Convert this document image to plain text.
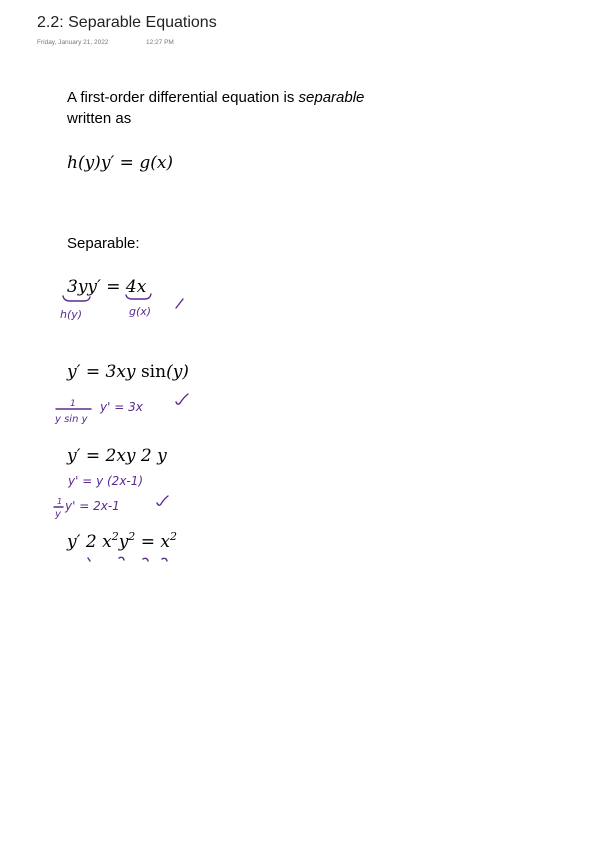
2.2: Separable Equations
Friday, January 21, 2022	12:27 PM
A first-order differential equation is separable
written as
h(y)y′ = g(x)
Separable:
3yy′ = 4x
y′ = 3xy sin(y)
y′ = 2xy 2 y
y′ 2 $x^2y^2 = x^2$
h(y)	g(x)
1
y sin y
y' = 3x
y' = y (2x-1)
1
y
y' = 2x-1
